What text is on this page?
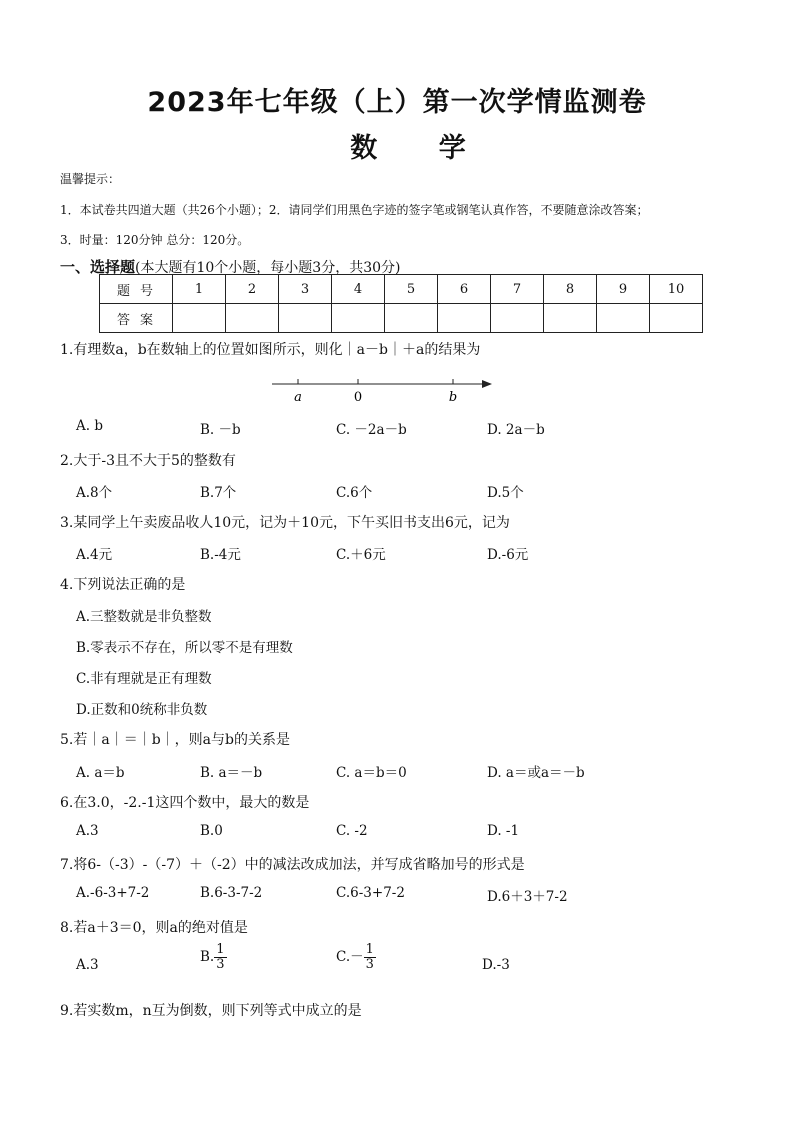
2023年七年级（上）第一次学情监测卷
数 学
温馨提示：
1．本试卷共四道大题（共26个小题）；2．请同学们用黑色字迹的签字笔或钢笔认真作答，不要随意涂改答案；
3．时量：120分钟 总分：120分。
一、选择题(本大题有10个小题，每小题3分，共30分)
题号	1	2	3	4	5	6	7	8	9	10
答案										
1.有理数a，b在数轴上的位置如图所示，则化｜a－b｜＋a的结果为
a	0	b
A. b	B. －b	C. －2a－b	D. 2a－b
2.大于-3且不大于5的整数有
A.8个	B.7个	C.6个	D.5个
3.某同学上午卖废品收人10元，记为＋10元，下午买旧书支出6元，记为
A.4元	B.-4元	C.＋6元	D.-6元
4.下列说法正确的是
A.三整数就是非负整数
B.零表示不存在，所以零不是有理数
C.非有理就是正有理数
D.正数和0统称非负数
5.若｜a｜＝｜b｜，则a与b的关系是
A. a＝b	B. a＝－b	C. a＝b＝0	D. a＝或a＝－b
6.在3.0，-2.-1这四个数中，最大的数是
A.3	B.0	C. -2	D. -1
7.将6-（-3）-（-7）＋（-2）中的减法改成加法，并写成省略加号的形式是
A.-6-3+7-2	B.6-3-7-2	C.6-3+7-2	D.6＋3＋7-2
8.若a＋3＝0，则a的绝对值是
A.3	B. $\frac{1}{3}$	$C.- \frac{1}{3}$	D.-3
9.若实数m，n互为倒数，则下列等式中成立的是
